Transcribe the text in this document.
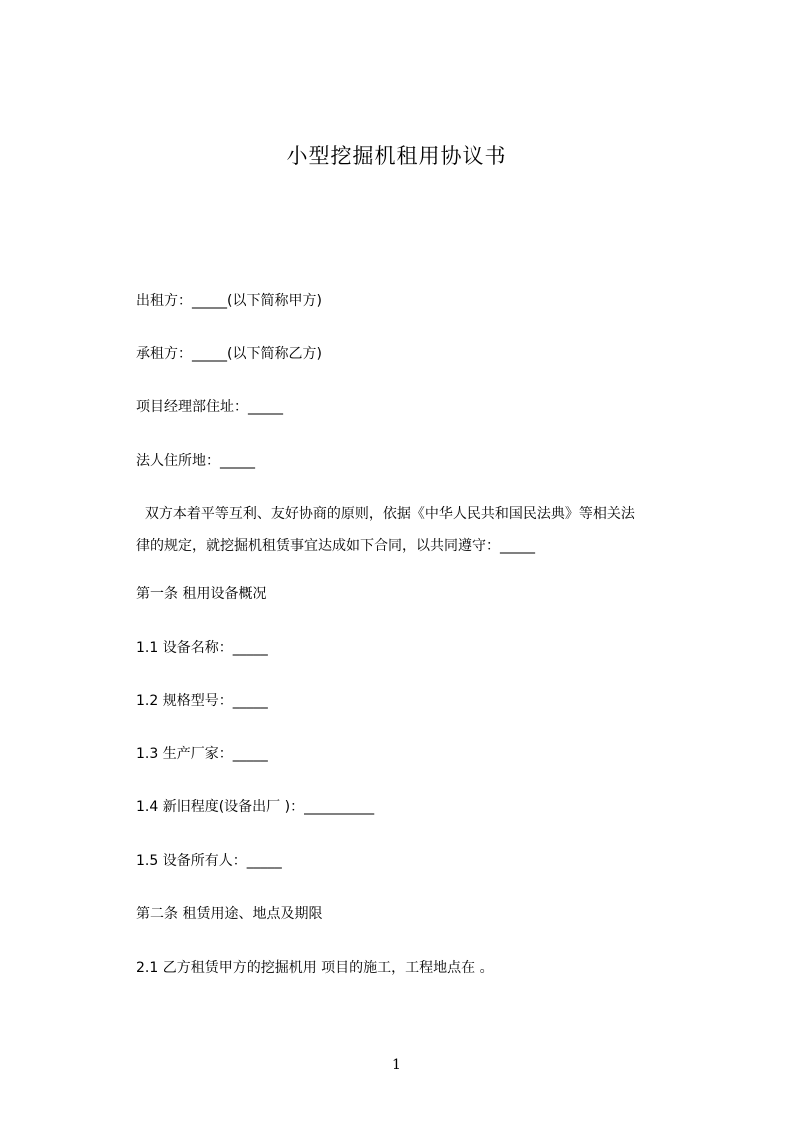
小型挖掘机租用协议书
出租方：_____(以下简称甲方)
承租方：_____(以下简称乙方)
项目经理部住址：_____
法人住所地：_____
双方本着平等互利、友好协商的原则，依据《中华人民共和国民法典》等相关法
律的规定，就挖掘机租赁事宜达成如下合同，以共同遵守：_____
第一条 租用设备概况
1.1 设备名称：_____
1.2 规格型号：_____
1.3 生产厂家：_____
1.4 新旧程度(设备出厂 )：__________
1.5 设备所有人：_____
第二条 租赁用途、地点及期限
2.1 乙方租赁甲方的挖掘机用 项目的施工，工程地点在 。
1
